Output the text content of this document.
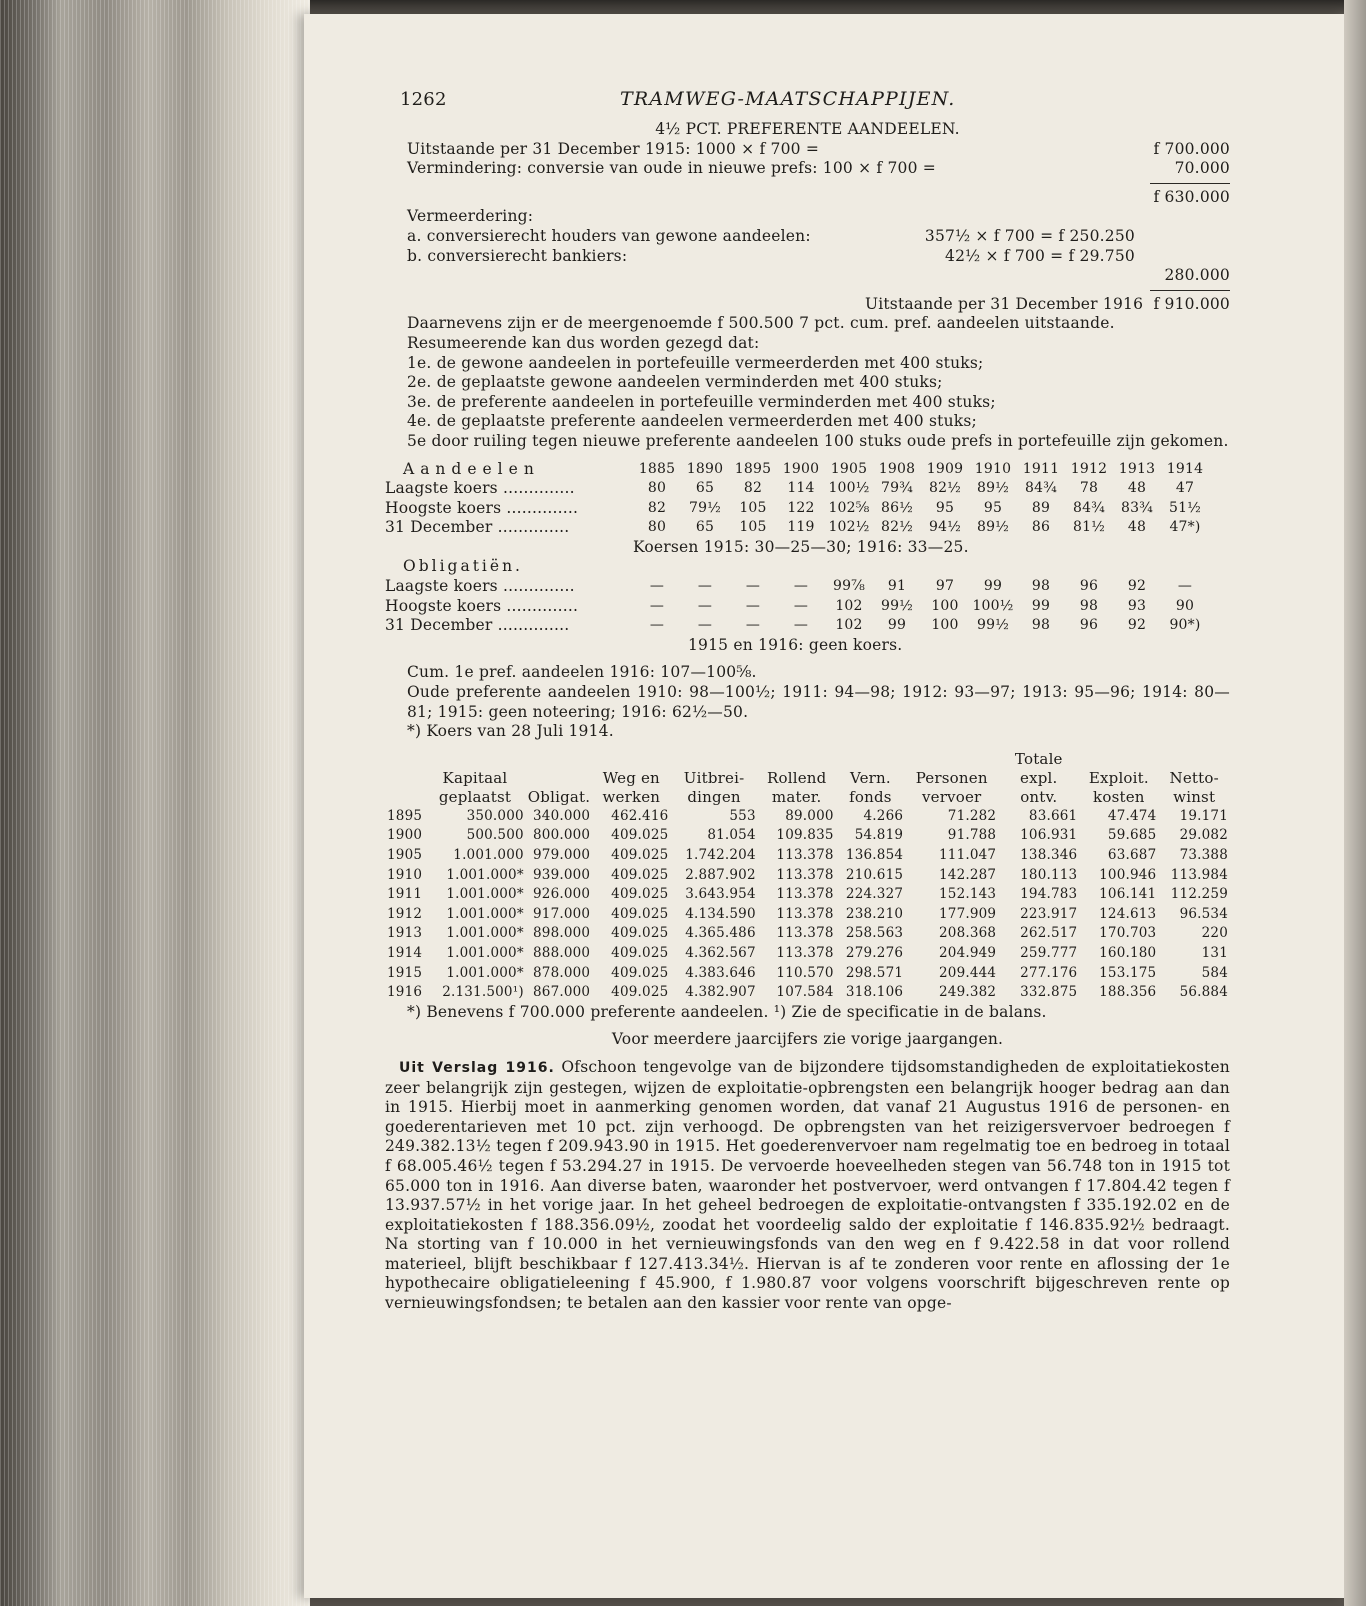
1262	TRAMWEG-MAATSCHAPPIJEN.
4½ PCT. PREFERENTE AANDEELEN.
Uitstaande per 31 December 1915: 1000 × f 700 =	f 700.000
Vermindering: conversie van oude in nieuwe prefs: 100 × f 700 =	70.000
f 630.000
Vermeerdering:
a. conversierecht houders van gewone aandeelen:	357½ × f 700 = f 250.250
b. conversierecht bankiers:	42½ × f 700 = f 29.750
280.000
Uitstaande per 31 December 1916 f 910.000
Daarnevens zijn er de meergenoemde f 500.500 7 pct. cum. pref. aandeelen uitstaande.
Resumeerende kan dus worden gezegd dat:
1e. de gewone aandeelen in portefeuille vermeerderden met 400 stuks;
2e. de geplaatste gewone aandeelen verminderden met 400 stuks;
3e. de preferente aandeelen in portefeuille verminderden met 400 stuks;
4e. de geplaatste preferente aandeelen vermeerderden met 400 stuks;
5e door ruiling tegen nieuwe preferente aandeelen 100 stuks oude prefs in portefeuille zijn gekomen.
Aandeelen	1885	1890	1895	1900	1905	1908	1909	1910	1911	1912	1913	1914
Laagste koers ..............	80	65	82	114	100½	79¾	82½	89½	84¾	78	48	47
Hoogste koers ..............	82	79½	105	122	102⅝	86½	95	95	89	84¾	83¾	51½
31 December ..............	80	65	105	119	102½	82½	94½	89½	86	81½	48	47*)
	Koersen 1915: 30—25—30; 1916: 33—25.											
Obligatiën.												
Laagste koers ..............	—	—	—	—	99⅞	91	97	99	98	96	92	—
Hoogste koers ..............	—	—	—	—	102	99½	100	100½	99	98	93	90
31 December ..............	—	—	—	—	102	99	100	99½	98	96	92	90*)
	1915 en 1916: geen koers.											
Cum. 1e pref. aandeelen 1916: 107—100⅝.
Oude preferente aandeelen 1910: 98—100½; 1911: 94—98; 1912: 93—97; 1913: 95—96; 1914: 80—81; 1915: geen noteering; 1916: 62½—50.
*) Koers van 28 Juli 1914.
	Kapitaal geplaatst	Obligat.	Weg en werken	Uitbrei- dingen	Rollend mater.	Vern. fonds	Personen vervoer	Totale expl. ontv.	Exploit. kosten	Netto- winst
1895	350.000	340.000	462.416	553	89.000	4.266	71.282	83.661	47.474	19.171
1900	500.500	800.000	409.025	81.054	109.835	54.819	91.788	106.931	59.685	29.082
1905	1.001.000	979.000	409.025	1.742.204	113.378	136.854	111.047	138.346	63.687	73.388
1910	1.001.000*	939.000	409.025	2.887.902	113.378	210.615	142.287	180.113	100.946	113.984
1911	1.001.000*	926.000	409.025	3.643.954	113.378	224.327	152.143	194.783	106.141	112.259
1912	1.001.000*	917.000	409.025	4.134.590	113.378	238.210	177.909	223.917	124.613	96.534
1913	1.001.000*	898.000	409.025	4.365.486	113.378	258.563	208.368	262.517	170.703	220
1914	1.001.000*	888.000	409.025	4.362.567	113.378	279.276	204.949	259.777	160.180	131
1915	1.001.000*	878.000	409.025	4.383.646	110.570	298.571	209.444	277.176	153.175	584
1916	2.131.500¹)	867.000	409.025	4.382.907	107.584	318.106	249.382	332.875	188.356	56.884
*) Benevens f 700.000 preferente aandeelen. ¹) Zie de specificatie in de balans.
Voor meerdere jaarcijfers zie vorige jaargangen.
Uit Verslag 1916. Ofschoon tengevolge van de bijzondere tijdsomstandigheden de exploitatiekosten zeer belangrijk zijn gestegen, wijzen de exploitatie-opbrengsten een belangrijk hooger bedrag aan dan in 1915. Hierbij moet in aanmerking genomen worden, dat vanaf 21 Augustus 1916 de personen- en goederentarieven met 10 pct. zijn verhoogd. De opbrengsten van het reizigersvervoer bedroegen f 249.382.13½ tegen f 209.943.90 in 1915. Het goederenvervoer nam regelmatig toe en bedroeg in totaal f 68.005.46½ tegen f 53.294.27 in 1915. De vervoerde hoeveelheden stegen van 56.748 ton in 1915 tot 65.000 ton in 1916. Aan diverse baten, waaronder het postvervoer, werd ontvangen f 17.804.42 tegen f 13.937.57½ in het vorige jaar. In het geheel bedroegen de exploitatie-ontvangsten f 335.192.02 en de exploitatiekosten f 188.356.09½, zoodat het voordeelig saldo der exploitatie f 146.835.92½ bedraagt. Na storting van f 10.000 in het vernieuwingsfonds van den weg en f 9.422.58 in dat voor rollend materieel, blijft beschikbaar f 127.413.34½. Hiervan is af te zonderen voor rente en aflossing der 1e hypothecaire obligatieleening f 45.900, f 1.980.87 voor volgens voorschrift bijgeschreven rente op vernieuwingsfondsen; te betalen aan den kassier voor rente van opge-
